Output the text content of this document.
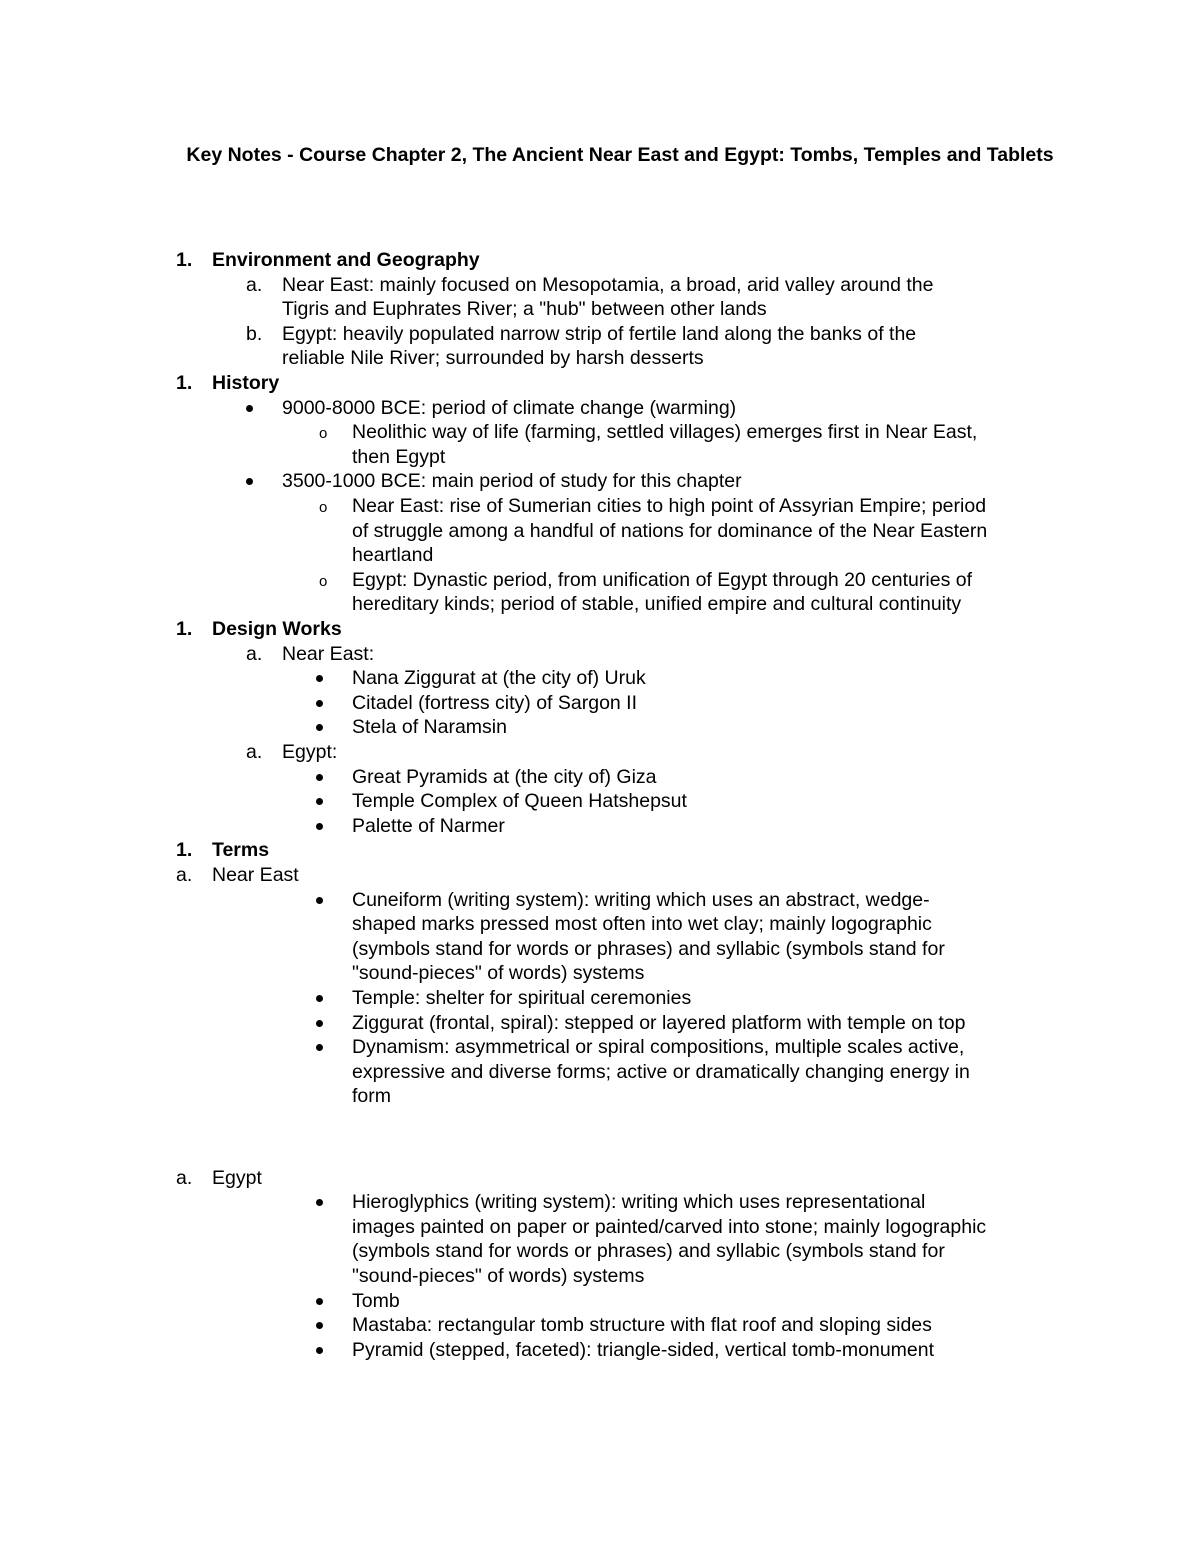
Key Notes - Course Chapter 2, The Ancient Near East and Egypt: Tombs, Temples and Tablets
1. Environment and Geography
a. Near East: mainly focused on Mesopotamia, a broad, arid valley around the
Tigris and Euphrates River; a "hub" between other lands
b. Egypt: heavily populated narrow strip of fertile land along the banks of the
reliable Nile River; surrounded by harsh desserts
1. History
9000-8000 BCE: period of climate change (warming)
o Neolithic way of life (farming, settled villages) emerges first in Near East,
then Egypt
3500-1000 BCE: main period of study for this chapter
o Near East: rise of Sumerian cities to high point of Assyrian Empire; period
of struggle among a handful of nations for dominance of the Near Eastern
heartland
o Egypt: Dynastic period, from unification of Egypt through 20 centuries of
hereditary kinds; period of stable, unified empire and cultural continuity
1. Design Works
a. Near East:
Nana Ziggurat at (the city of) Uruk
Citadel (fortress city) of Sargon II
Stela of Naramsin
a. Egypt:
Great Pyramids at (the city of) Giza
Temple Complex of Queen Hatshepsut
Palette of Narmer
1. Terms
a. Near East
Cuneiform (writing system): writing which uses an abstract, wedge-
shaped marks pressed most often into wet clay; mainly logographic
(symbols stand for words or phrases) and syllabic (symbols stand for
"sound-pieces" of words) systems
Temple: shelter for spiritual ceremonies
Ziggurat (frontal, spiral): stepped or layered platform with temple on top
Dynamism: asymmetrical or spiral compositions, multiple scales active,
expressive and diverse forms; active or dramatically changing energy in
form
a. Egypt
Hieroglyphics (writing system): writing which uses representational
images painted on paper or painted/carved into stone; mainly logographic
(symbols stand for words or phrases) and syllabic (symbols stand for
"sound-pieces" of words) systems
Tomb
Mastaba: rectangular tomb structure with flat roof and sloping sides
Pyramid (stepped, faceted): triangle-sided, vertical tomb-monument
